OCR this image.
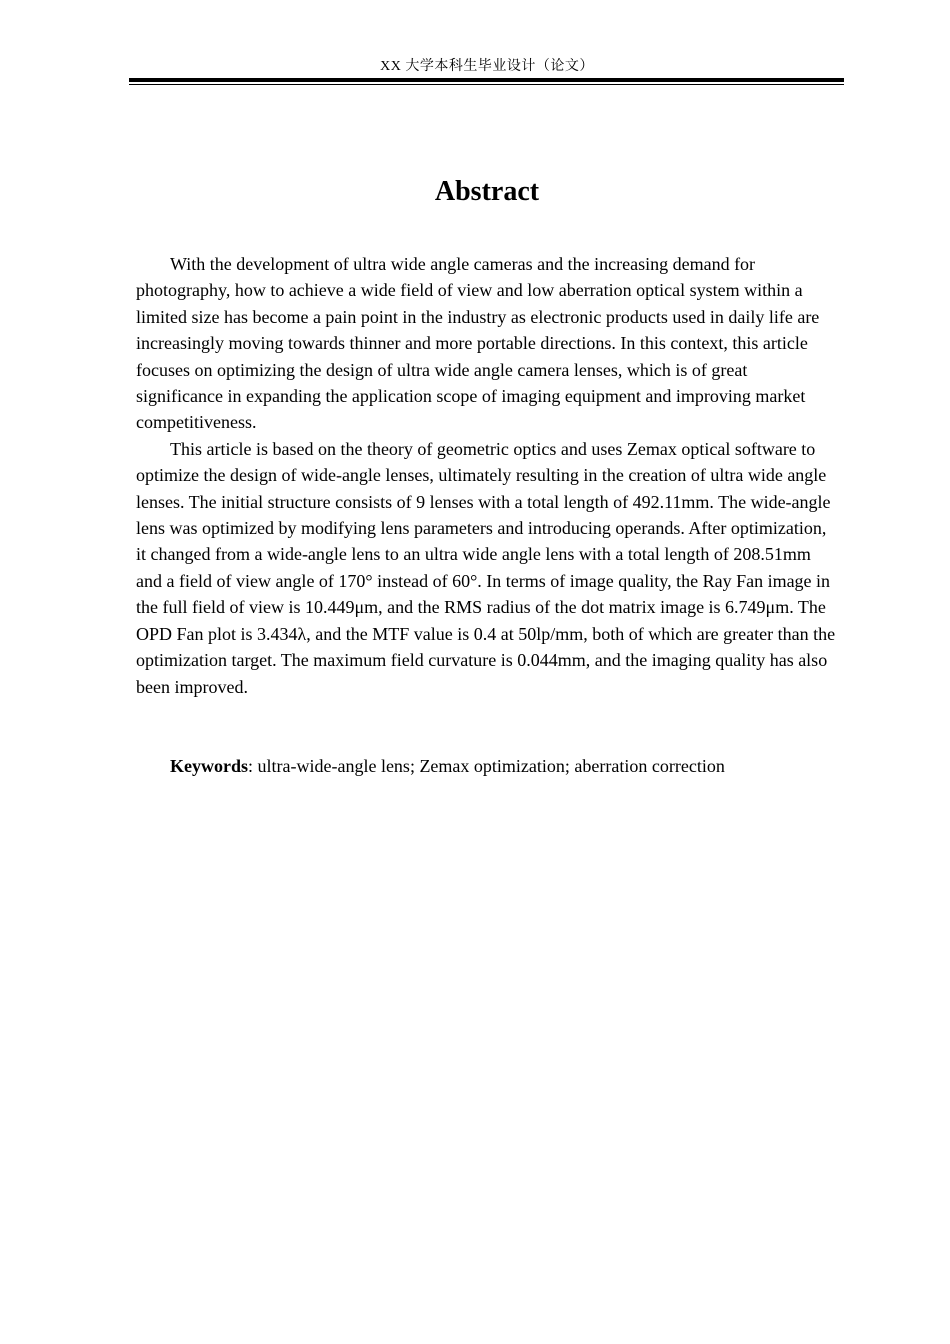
XX 大学本科生毕业设计（论文）
Abstract

With the development of ultra wide angle cameras and the increasing demand for photography, how to achieve a wide field of view and low aberration optical system within a limited size has become a pain point in the industry as electronic products used in daily life are increasingly moving towards thinner and more portable directions. In this context, this article focuses on optimizing the design of ultra wide angle camera lenses, which is of great significance in expanding the application scope of imaging equipment and improving market competitiveness.

This article is based on the theory of geometric optics and uses Zemax optical software to optimize the design of wide-angle lenses, ultimately resulting in the creation of ultra wide angle lenses. The initial structure consists of 9 lenses with a total length of 492.11mm. The wide-angle lens was optimized by modifying lens parameters and introducing operands. After optimization, it changed from a wide-angle lens to an ultra wide angle lens with a total length of 208.51mm and a field of view angle of 170° instead of 60°. In terms of image quality, the Ray Fan image in the full field of view is 10.449μm, and the RMS radius of the dot matrix image is 6.749μm. The OPD Fan plot is 3.434λ, and the MTF value is 0.4 at 50lp/mm, both of which are greater than the optimization target. The maximum field curvature is 0.044mm, and the imaging quality has also been improved.

Keywords: ultra-wide-angle lens; Zemax optimization; aberration correction
